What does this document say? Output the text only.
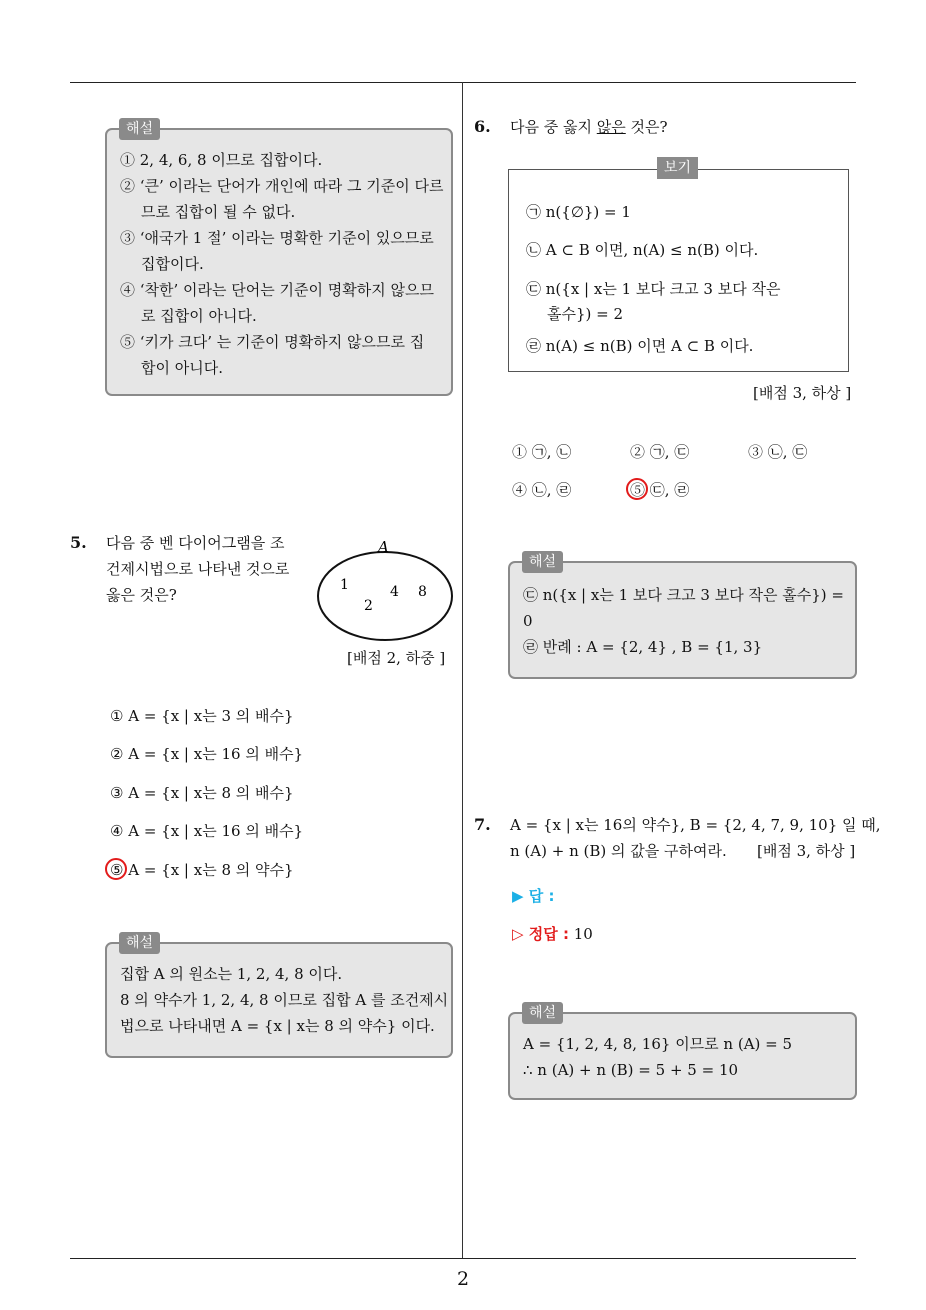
2
해설
① 2, 4, 6, 8 이므로 집합이다.
② ‘큰’ 이라는 단어가 개인에 따라 그 기준이 다르
므로 집합이 될 수 없다.
③ ‘애국가 1 절’ 이라는 명확한 기준이 있으므로
집합이다.
④ ‘착한’ 이라는 단어는 기준이 명확하지 않으므
로 집합이 아니다.
⑤ ‘키가 크다’ 는 기준이 명확하지 않으므로 집
합이 아니다.
5. 다음 중 벤 다이어그램을 조
건제시법으로 나타낸 것으로
옳은 것은?
A
1
2
4 8
[배점 2, 하중 ]
① A = {x | x는 3 의 배수}
② A = {x | x는 16 의 배수}
③ A = {x | x는 8 의 배수}
④ A = {x | x는 16 의 배수}
⑤ A = {x | x는 8 의 약수}
해설
집합 A 의 원소는 1, 2, 4, 8 이다.
8 의 약수가 1, 2, 4, 8 이므로 집합 A 를 조건제시
법으로 나타내면 A = {x | x는 8 의 약수} 이다.
6. 다음 중 옳지 않은 것은?
보기
㉠ n({∅}) = 1
㉡ A ⊂ B 이면, n(A) ≤ n(B) 이다.
㉢ n({x | x는 1 보다 크고 3 보다 작은
홀수}) = 2
㉣ n(A) ≤ n(B) 이면 A ⊂ B 이다.
[배점 3, 하상 ]
① ㉠, ㉡	② ㉠, ㉢	③ ㉡, ㉢
④ ㉡, ㉣	⑤ ㉢, ㉣
해설
㉢ n({x | x는 1 보다 크고 3 보다 작은 홀수}) =
0
㉣ 반례 : A = {2, 4} , B = {1, 3}
7. A = {x | x는 16의 약수}, B = {2, 4, 7, 9, 10} 일 때,
n (A) + n (B) 의 값을 구하여라. [배점 3, 하상 ]
▶ 답 :
▷ 정답 : 10
해설
A = {1, 2, 4, 8, 16} 이므로 n (A) = 5
∴ n (A) + n (B) = 5 + 5 = 10
